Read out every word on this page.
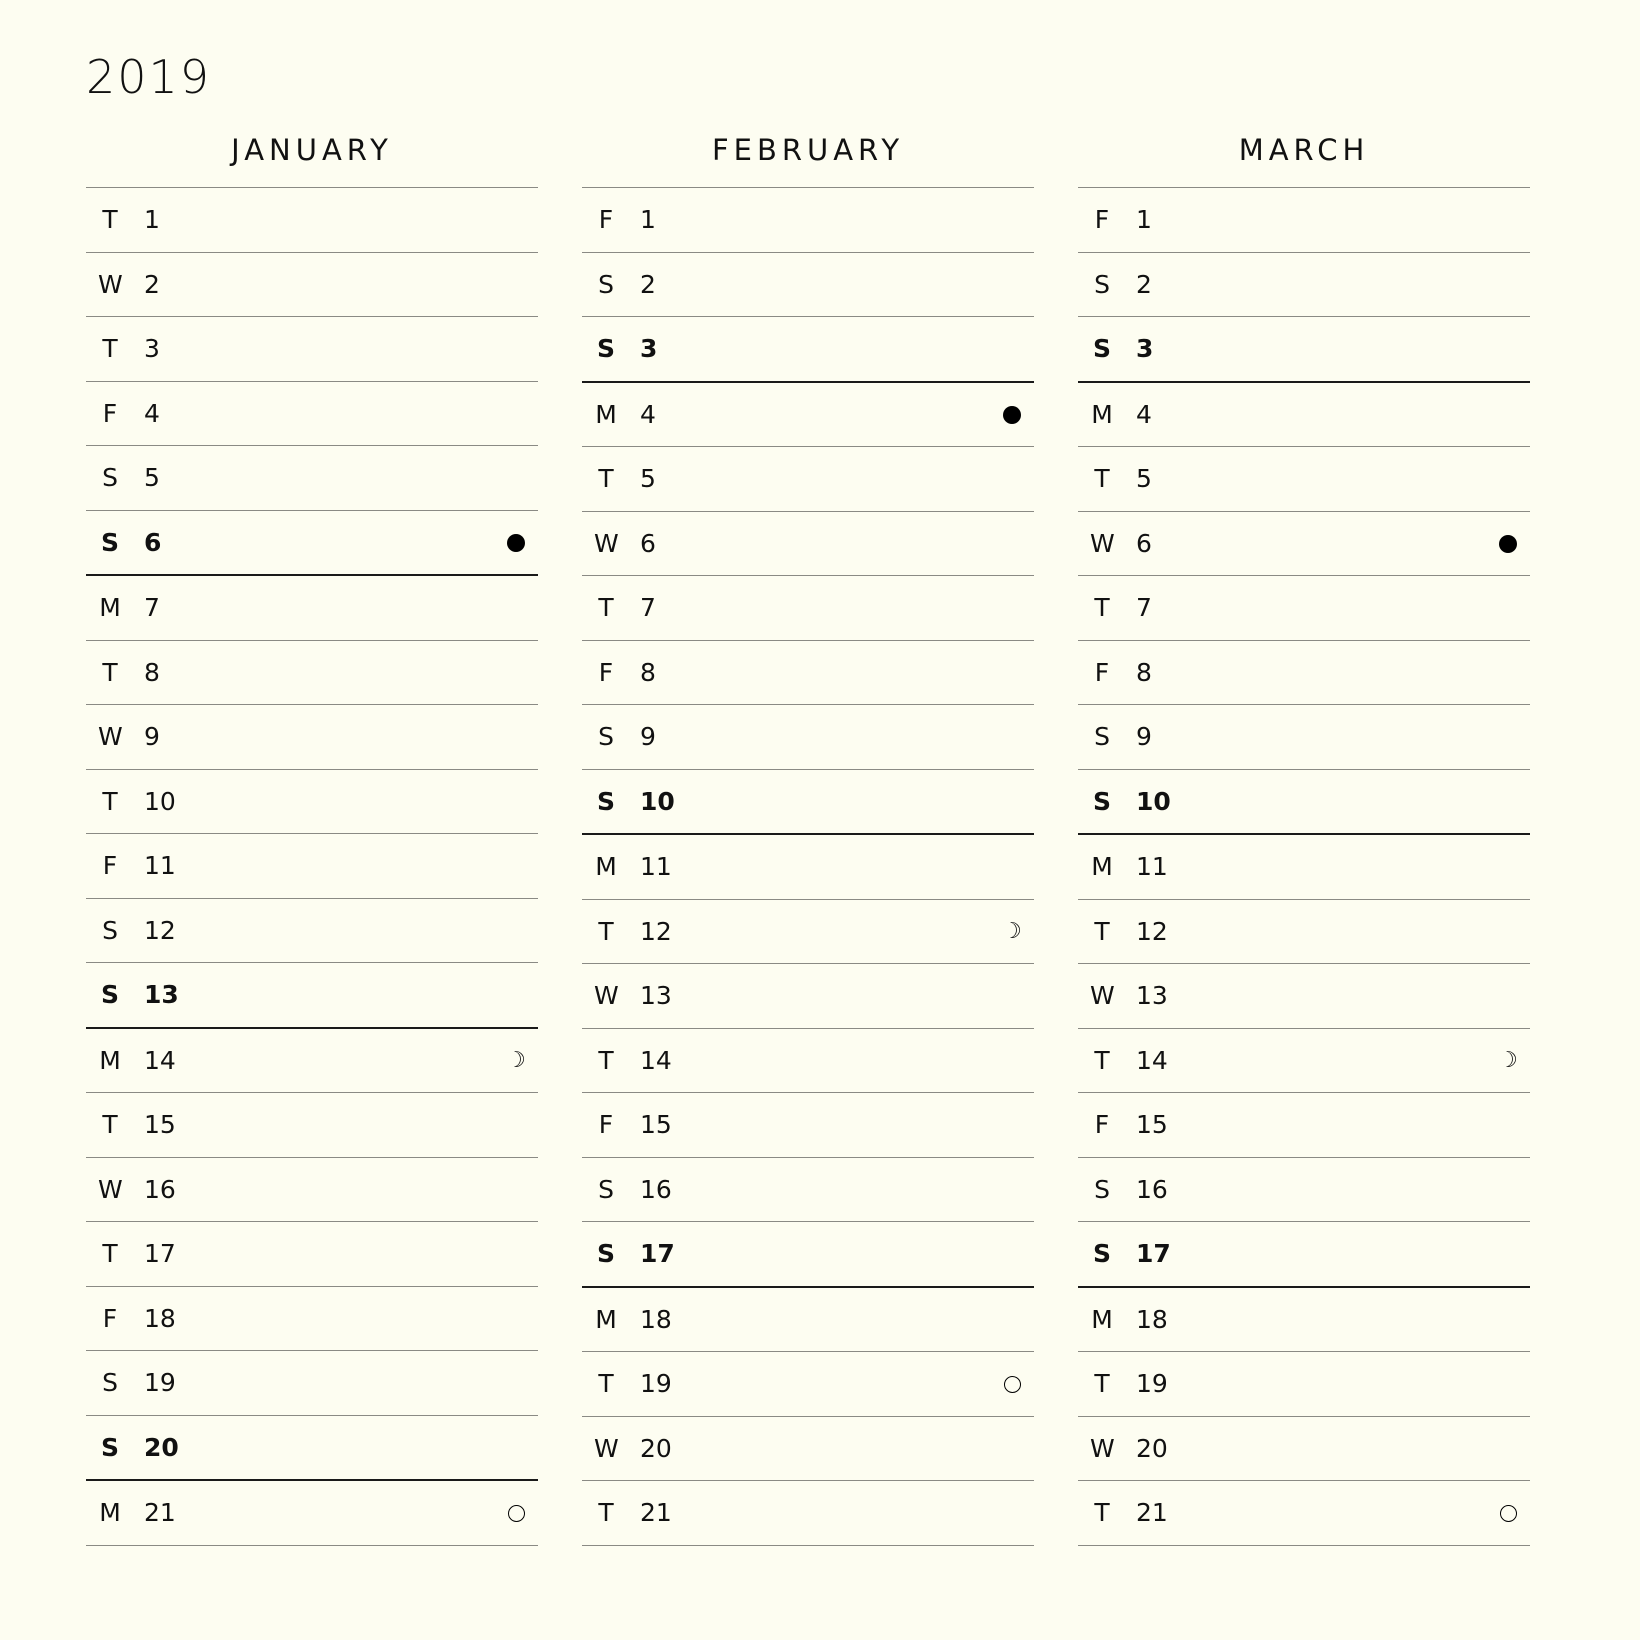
2019
JANUARY
T 1
W 2
T 3
F 4
S 5
S 6
M 7
T 8
W 9
T 10
F 11
S 12
S 13
M 14
☽
T 15
W 16
T 17
F 18
S 19
S 20
M 21
FEBRUARY
F 1
S 2
S 3
M 4
T 5
W 6
T 7
F 8
S 9
S 10
M 11
T 12
☽
W 13
T 14
F 15
S 16
S 17
M 18
T 19
W 20
T 21
MARCH
F 1
S 2
S 3
M 4
T 5
W 6
T 7
F 8
S 9
S 10
M 11
T 12
W 13
T 14
☽
F 15
S 16
S 17
M 18
T 19
W 20
T 21
